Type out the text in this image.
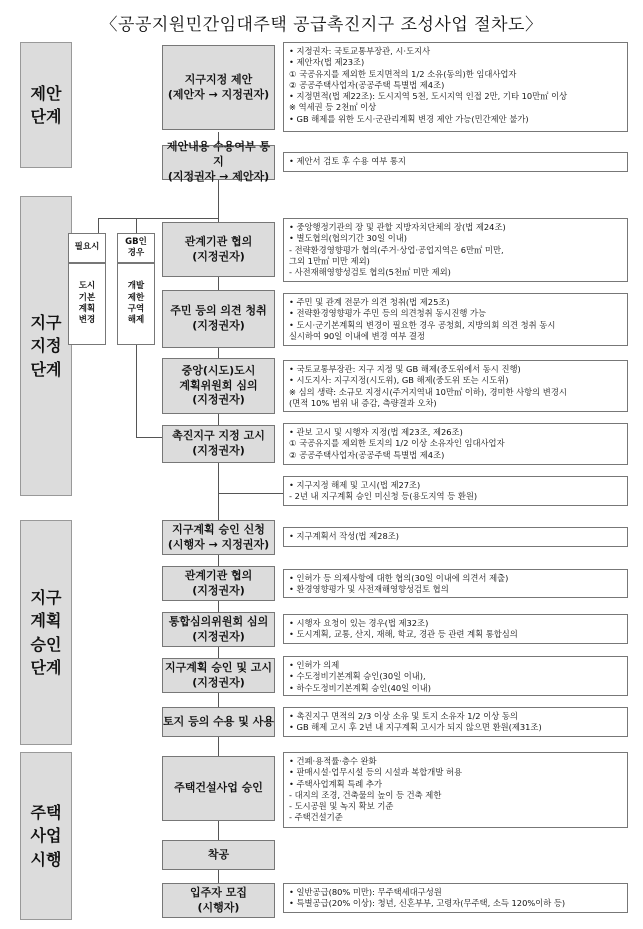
〈공공지원민간임대주택 공급촉진지구 조성사업 절차도〉
제안
단계
지구
지정
단계
지구
계획
승인
단계
주택
사업
시행
필요시
도시
기본
계획
변경
GB인
경우
개발
제한
구역
해제
지구지정 제안
(제안자 → 지정권자)
제안내용 수용여부 통지
(지정권자 → 제안자)
관계기관 협의
(지정권자)
주민 등의 의견 청취
(지정권자)
중앙(시도)도시
계획위원회 심의
(지정권자)
촉진지구 지정 고시
(지정권자)
지구계획 승인 신청
(시행자 → 지정권자)
관계기관 협의
(지정권자)
통합심의위원회 심의
(지정권자)
지구계획 승인 및 고시
(지정권자)
토지 등의 수용 및 사용
주택건설사업 승인
착공
입주자 모집
(시행자)
• 지정권자: 국토교통부장관, 시·도지사
• 제안자(법 제23조)
① 국공유지를 제외한 토지면적의 1/2 소유(동의)한 임대사업자
② 공공주택사업자(공공주택 특별법 제4조)
• 지정면적(법 제22조): 도시지역 5천, 도시지역 인접 2만, 기타 10만㎡ 이상
※ 역세권 등 2천㎡ 이상
• GB 해제를 위한 도시·군관리계획 변경 제안 가능(민간제안 불가)
• 제안서 검토 후 수용 여부 통지
• 중앙행정기관의 장 및 관할 지방자치단체의 장(법 제24조)
• 별도협의(협의기간 30일 이내)
- 전략환경영향평가 협의(주거·상업·공업지역은 6만㎡ 미만,
그외 1만㎡ 미만 제외)
- 사전재해영향성검토 협의(5천㎡ 미만 제외)
• 주민 및 관계 전문가 의견 청취(법 제25조)
• 전략환경영향평가 주민 등의 의견청취 동시진행 가능
• 도시·군기본계획의 변경이 필요한 경우 공청회, 지방의회 의견 청취 동시
실시하여 90일 이내에 변경 여부 결정
• 국토교통부장관: 지구 지정 및 GB 해제(중도위에서 동시 진행)
• 시도지사: 지구지정(시도위), GB 해제(중도위 또는 시도위)
※ 심의 생략: 소규모 지정시(주거지역내 10만㎡ 이하), 경미한 사항의 변경시
(면적 10% 범위 내 증감, 측량결과 오차)
• 관보 고시 및 시행자 지정(법 제23조, 제26조)
① 국공유지를 제외한 토지의 1/2 이상 소유자인 임대사업자
② 공공주택사업자(공공주택 특별법 제4조)
• 지구지정 해제 및 고시(법 제27조)
- 2년 내 지구계획 승인 미신청 등(용도지역 등 환원)
• 지구계획서 작성(법 제28조)
• 인허가 등 의제사항에 대한 협의(30일 이내에 의견서 제출)
• 환경영향평가 및 사전재해영향성검토 협의
• 시행자 요청이 있는 경우(법 제32조)
• 도시계획, 교통, 산지, 재해, 학교, 경관 등 관련 계획 통합심의
• 인허가 의제
• 수도정비기본계획 승인(30일 이내),
• 하수도정비기본계획 승인(40일 이내)
• 촉진지구 면적의 2/3 이상 소유 및 토지 소유자 1/2 이상 동의
• GB 해제 고시 후 2년 내 지구계획 고시가 되지 않으면 환원(제31조)
• 건폐·용적률·층수 완화
• 판매시설·업무시설 등의 시설과 복합개발 허용
• 주택사업계획 특례 추가
- 대지의 조경, 건축물의 높이 등 건축 제한
- 도시공원 및 녹지 확보 기준
- 주택건설기준
• 일반공급(80% 미만): 무주택세대구성원
• 특별공급(20% 이상): 청년, 신혼부부, 고령자(무주택, 소득 120%이하 등)
